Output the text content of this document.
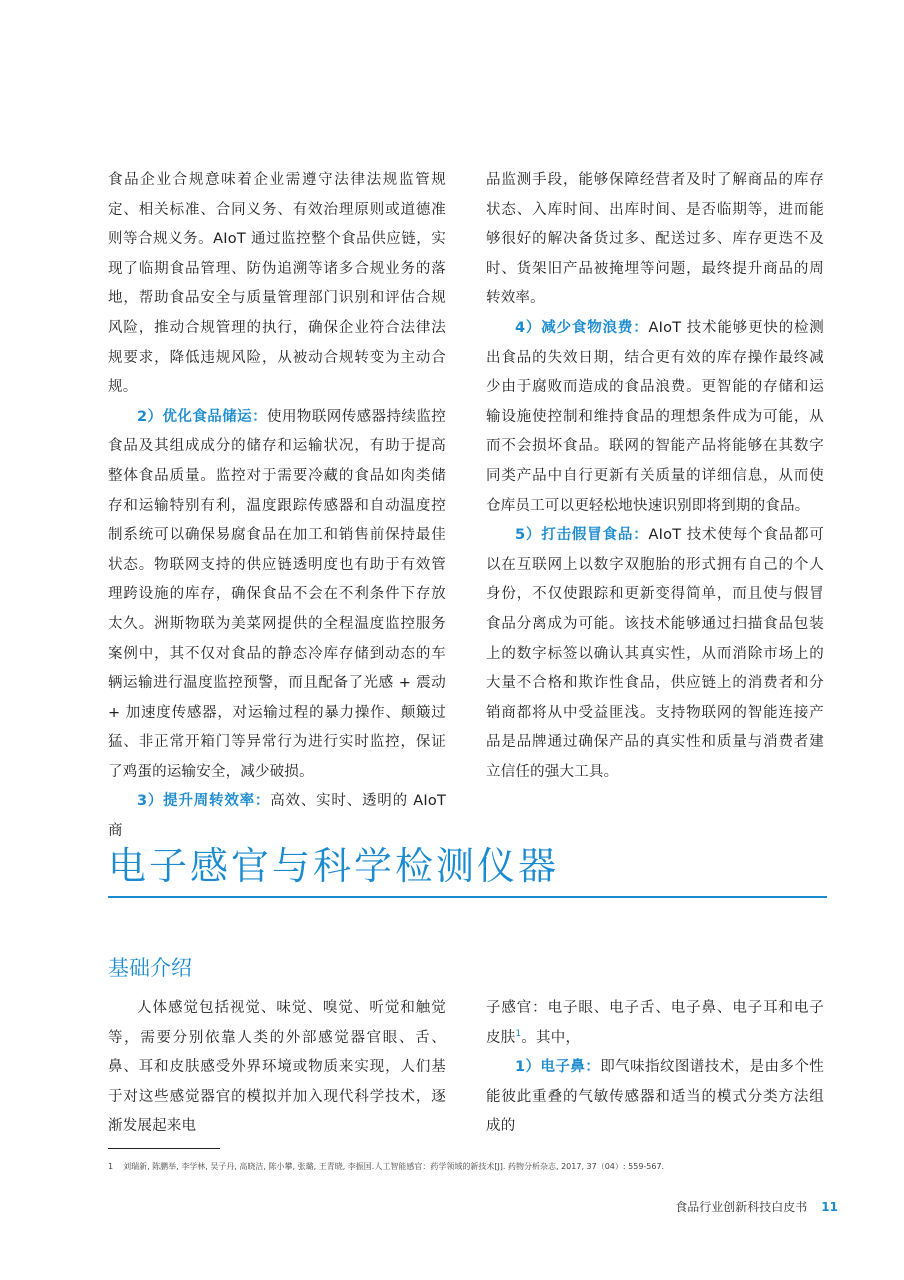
食品企业合规意味着企业需遵守法律法规监管规定、相关标准、合同义务、有效治理原则或道德准则等合规义务。AIoT 通过监控整个食品供应链，实现了临期食品管理、防伪追溯等诸多合规业务的落地，帮助食品安全与质量管理部门识别和评估合规风险，推动合规管理的执行，确保企业符合法律法规要求，降低违规风险，从被动合规转变为主动合规。

2）优化食品储运：使用物联网传感器持续监控食品及其组成成分的储存和运输状况，有助于提高整体食品质量。监控对于需要冷藏的食品如肉类储存和运输特别有利，温度跟踪传感器和自动温度控制系统可以确保易腐食品在加工和销售前保持最佳状态。物联网支持的供应链透明度也有助于有效管理跨设施的库存，确保食品不会在不利条件下存放太久。洲斯物联为美菜网提供的全程温度监控服务案例中，其不仅对食品的静态冷库存储到动态的车辆运输进行温度监控预警，而且配备了光感 + 震动 + 加速度传感器，对运输过程的暴力操作、颠簸过猛、非正常开箱门等异常行为进行实时监控，保证了鸡蛋的运输安全，减少破损。

3）提升周转效率：高效、实时、透明的 AIoT 商

品监测手段，能够保障经营者及时了解商品的库存状态、入库时间、出库时间、是否临期等，进而能够很好的解决备货过多、配送过多、库存更迭不及时、货架旧产品被掩埋等问题，最终提升商品的周转效率。

4）减少食物浪费：AIoT 技术能够更快的检测出食品的失效日期，结合更有效的库存操作最终减少由于腐败而造成的食品浪费。更智能的存储和运输设施使控制和维持食品的理想条件成为可能，从而不会损坏食品。联网的智能产品将能够在其数字同类产品中自行更新有关质量的详细信息，从而使仓库员工可以更轻松地快速识别即将到期的食品。

5）打击假冒食品：AIoT 技术使每个食品都可以在互联网上以数字双胞胎的形式拥有自己的个人身份，不仅使跟踪和更新变得简单，而且使与假冒食品分离成为可能。该技术能够通过扫描食品包装上的数字标签以确认其真实性，从而消除市场上的大量不合格和欺诈性食品，供应链上的消费者和分销商都将从中受益匪浅。支持物联网的智能连接产品是品牌通过确保产品的真实性和质量与消费者建立信任的强大工具。

电子感官与科学检测仪器
基础介绍

人体感觉包括视觉、味觉、嗅觉、听觉和触觉等，需要分别依靠人类的外部感觉器官眼、舌、鼻、耳和皮肤感受外界环境或物质来实现，人们基于对这些感觉器官的模拟并加入现代科学技术，逐渐发展起来电

子感官：电子眼、电子舌、电子鼻、电子耳和电子皮肤$^1$。其中，

1）电子鼻：即气味指纹图谱技术，是由多个性能彼此重叠的气敏传感器和适当的模式分类方法组成的

1 刘瑞新, 陈鹏举, 李学林, 吴子丹, 高晓洁, 陈小攀, 张璐, 王青晓, 李振国.人工智能感官：药学领域的新技术[J]. 药物分析杂志, 2017, 37（04）: 559-567.
食品行业创新科技白皮书 11
